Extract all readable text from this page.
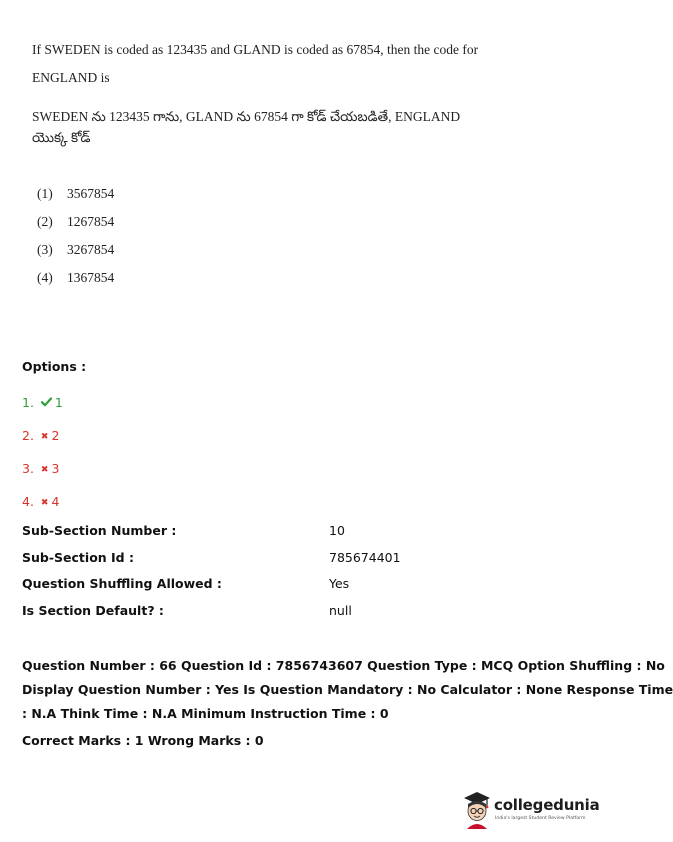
If SWEDEN is coded as 123435 and GLAND is coded as 67854, then the code for
ENGLAND is
SWEDEN ను 123435 గాను, GLAND ను 67854 గా కోడ్ చేయబడితే, ENGLAND
యొక్క కోడ్
(1) 3567854
(2) 1267854
(3) 3267854
(4) 1367854
Options :
1. 1
2. ✖ 2
3. ✖ 3
4. ✖ 4
Sub-Section Number :	10
Sub-Section Id :	785674401
Question Shuffling Allowed :	Yes
Is Section Default? :	null
Question Number : 66 Question Id : 7856743607 Question Type : MCQ Option Shuffling : No
Display Question Number : Yes Is Question Mandatory : No Calculator : None Response Time
: N.A Think Time : N.A Minimum Instruction Time : 0
Correct Marks : 1 Wrong Marks : 0
collegedunia
India's largest Student Review Platform
